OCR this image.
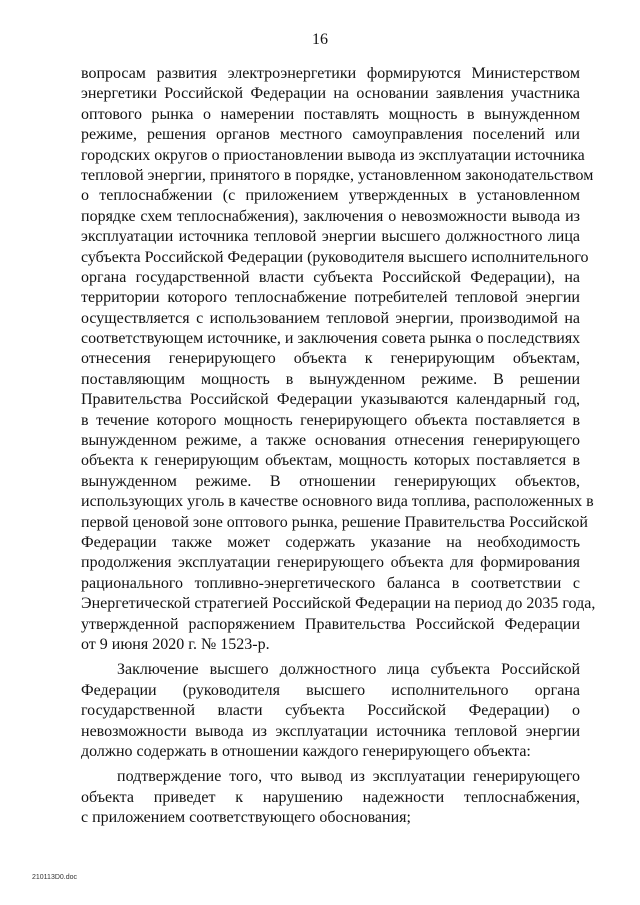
16
вопросам развития электроэнергетики формируются Министерством
энергетики Российской Федерации на основании заявления участника
оптового рынка о намерении поставлять мощность в вынужденном
режиме, решения органов местного самоуправления поселений или
городских округов о приостановлении вывода из эксплуатации источника
тепловой энергии, принятого в порядке, установленном законодательством
о теплоснабжении (с приложением утвержденных в установленном
порядке схем теплоснабжения), заключения о невозможности вывода из
эксплуатации источника тепловой энергии высшего должностного лица
субъекта Российской Федерации (руководителя высшего исполнительного
органа государственной власти субъекта Российской Федерации), на
территории которого теплоснабжение потребителей тепловой энергии
осуществляется с использованием тепловой энергии, производимой на
соответствующем источнике, и заключения совета рынка о последствиях
отнесения генерирующего объекта к генерирующим объектам,
поставляющим мощность в вынужденном режиме. В решении
Правительства Российской Федерации указываются календарный год,
в течение которого мощность генерирующего объекта поставляется в
вынужденном режиме, а также основания отнесения генерирующего
объекта к генерирующим объектам, мощность которых поставляется в
вынужденном режиме. В отношении генерирующих объектов,
использующих уголь в качестве основного вида топлива, расположенных в
первой ценовой зоне оптового рынка, решение Правительства Российской
Федерации также может содержать указание на необходимость
продолжения эксплуатации генерирующего объекта для формирования
рационального топливно-энергетического баланса в соответствии с
Энергетической стратегией Российской Федерации на период до 2035 года,
утвержденной распоряжением Правительства Российской Федерации
от 9 июня 2020 г. № 1523-р.
Заключение высшего должностного лица субъекта Российской
Федерации (руководителя высшего исполнительного органа
государственной власти субъекта Российской Федерации) о
невозможности вывода из эксплуатации источника тепловой энергии
должно содержать в отношении каждого генерирующего объекта:
подтверждение того, что вывод из эксплуатации генерирующего
объекта приведет к нарушению надежности теплоснабжения,
с приложением соответствующего обоснования;
210113D0.doc
